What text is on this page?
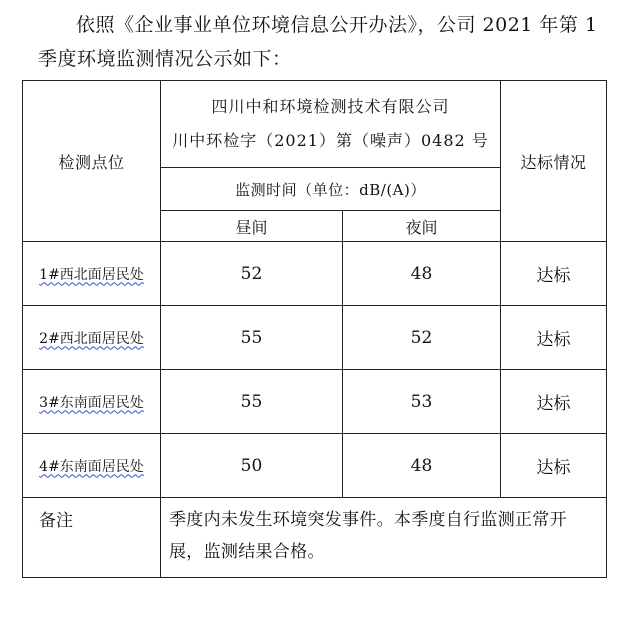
依照《企业事业单位环境信息公开办法》，公司 2021 年第 1 季度环境监测情况公示如下：

检测点位	四川中和环境检测技术有限公司
川中环检字（2021）第（噪声）0482 号		达标情况
	监测时间（单位：dB/(A)）		
	昼间	夜间	
1#西北面居民处	52	48	达标
2#西北面居民处	55	52	达标
3#东南面居民处	55	53	达标
4#东南面居民处	50	48	达标
备注	季度内未发生环境突发事件。本季度自行监测正常开展，监测结果合格。		
